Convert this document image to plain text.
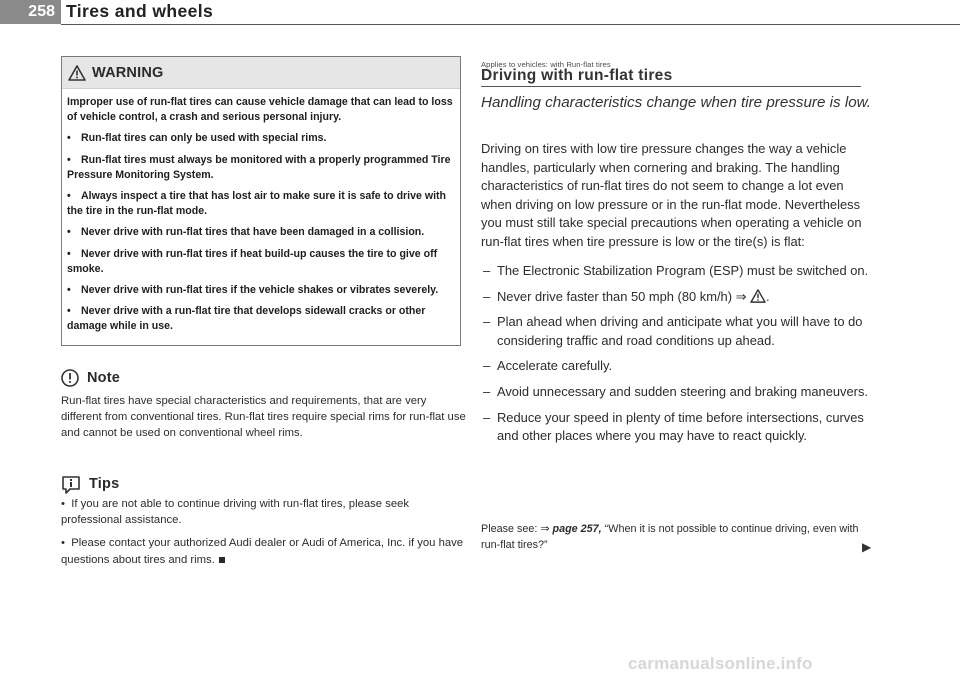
258 Tires and wheels
WARNING

Improper use of run-flat tires can cause vehicle damage that can lead to loss of vehicle control, a crash and serious personal injury.

• Run-flat tires can only be used with special rims.

• Run-flat tires must always be monitored with a properly programmed Tire Pressure Monitoring System.

• Always inspect a tire that has lost air to make sure it is safe to drive with the tire in the run-flat mode.

• Never drive with run-flat tires that have been damaged in a collision.

• Never drive with run-flat tires if heat build-up causes the tire to give off smoke.

• Never drive with run-flat tires if the vehicle shakes or vibrates severely.

• Never drive with a run-flat tire that develops sidewall cracks or other damage while in use.

Note
Run-flat tires have special characteristics and requirements, that are very different from conventional tires. Run-flat tires require special rims for run-flat use and cannot be used on conventional wheel rims.
Tips

•  If you are not able to continue driving with run-flat tires, please seek professional assistance.

•  Please contact your authorized Audi dealer or Audi of America, Inc. if you have questions about tires and rims.

Applies to vehicles: with Run-flat tires
Driving with run-flat tires
Handling characteristics change when tire pressure is low.
Driving on tires with low tire pressure changes the way a vehicle handles, particularly when cornering and braking. The handling characteristics of run-flat tires do not seem to change a lot even when driving on low pressure or in the run-flat mode. Nevertheless you must still take special precautions when operating a vehicle on run-flat tires when tire pressure is low or the tire(s) is flat:
– The Electronic Stabilization Program (ESP) must be switched on.
– Never drive faster than 50 mph (80 km/h) ⇒ .
– Plan ahead when driving and anticipate what you will have to do considering traffic and road conditions up ahead.
– Accelerate carefully.
– Avoid unnecessary and sudden steering and braking maneuvers.
– Reduce your speed in plenty of time before intersections, curves and other places where you may have to react quickly.
Please see: ⇒ page 257, “When it is not possible to continue driving, even with run-flat tires?”	▶
carmanualsonline.info
